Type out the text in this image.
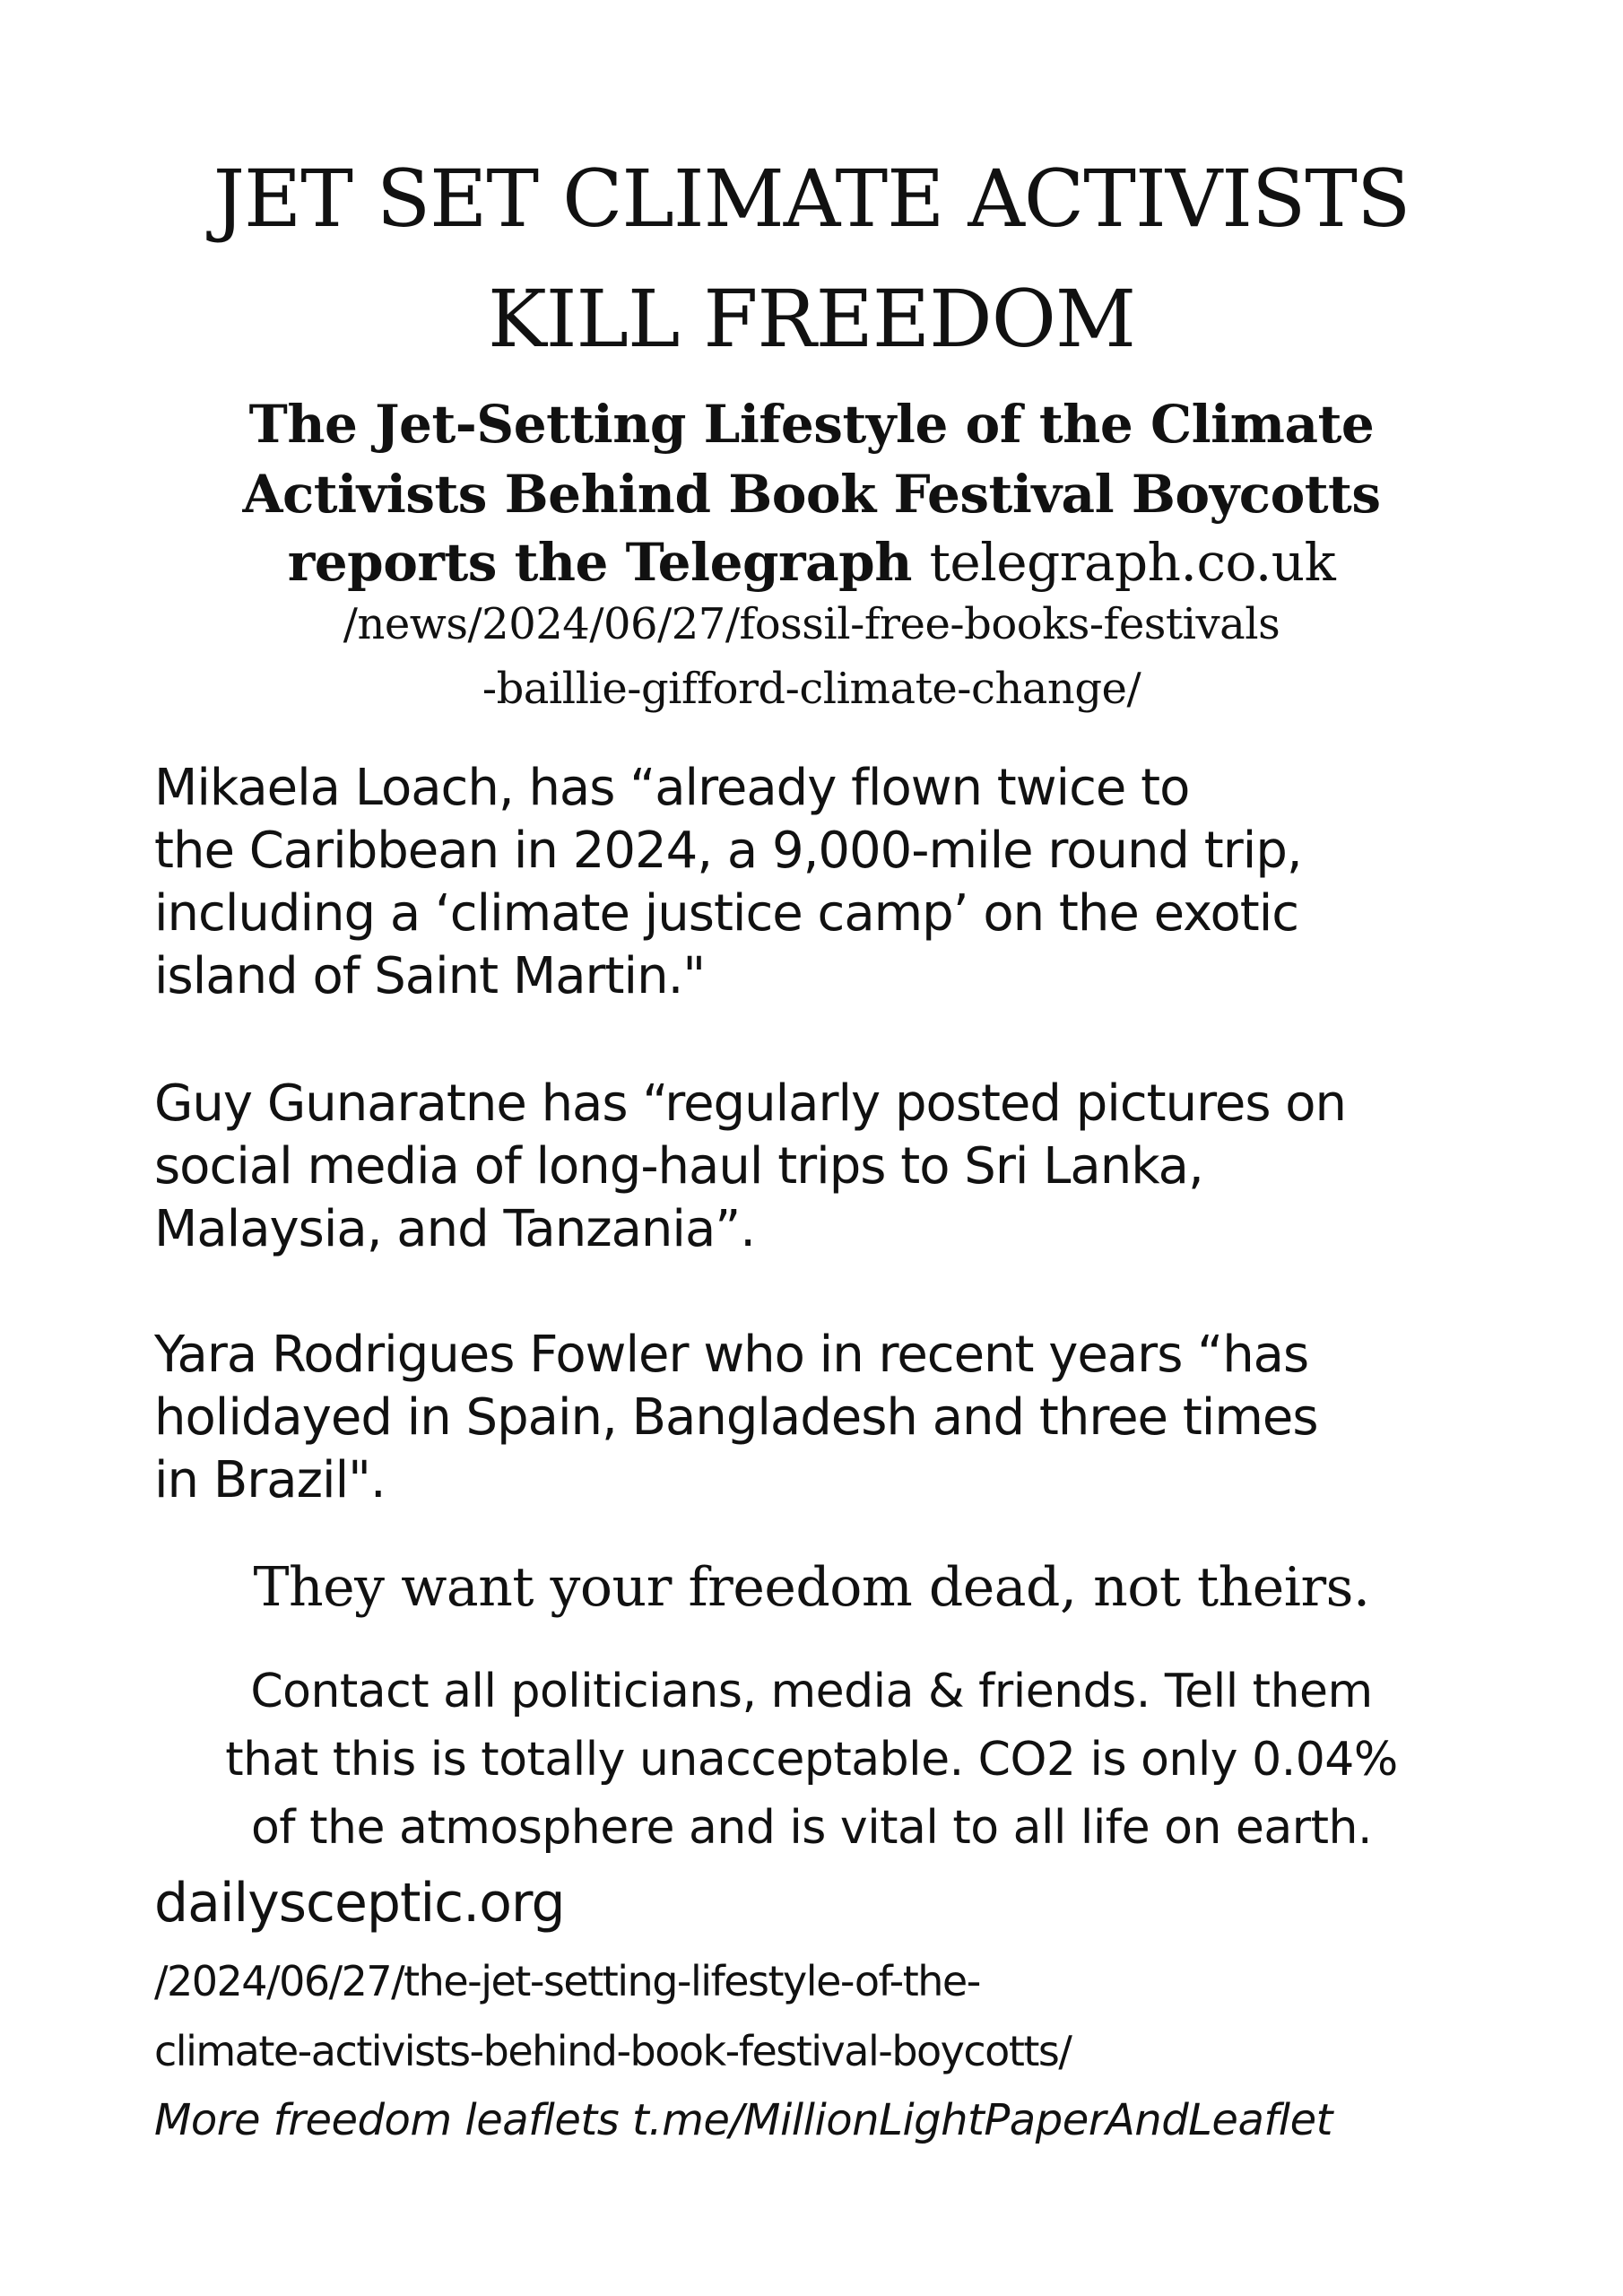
JET SET CLIMATE ACTIVISTS
KILL FREEDOM
The Jet-Setting Lifestyle of the Climate
Activists Behind Book Festival Boycotts
reports the Telegraph telegraph.co.uk
/news/2024/06/27/fossil-free-books-festivals
-baillie-gifford-climate-change/
Mikaela Loach, has “already flown twice to
the Caribbean in 2024, a 9,000-mile round trip,
including a ‘climate justice camp’ on the exotic
island of Saint Martin."
Guy Gunaratne has “regularly posted pictures on
social media of long-haul trips to Sri Lanka,
Malaysia, and Tanzania”.
Yara Rodrigues Fowler who in recent years “has
holidayed in Spain, Bangladesh and three times
in Brazil".
They want your freedom dead, not theirs.
Contact all politicians, media & friends. Tell them
that this is totally unacceptable. CO2 is only 0.04%
of the atmosphere and is vital to all life on earth.
dailysceptic.org
/2024/06/27/the-jet-setting-lifestyle-of-the-
climate-activists-behind-book-festival-boycotts/
More freedom leaflets t.me/MillionLightPaperAndLeaflet
